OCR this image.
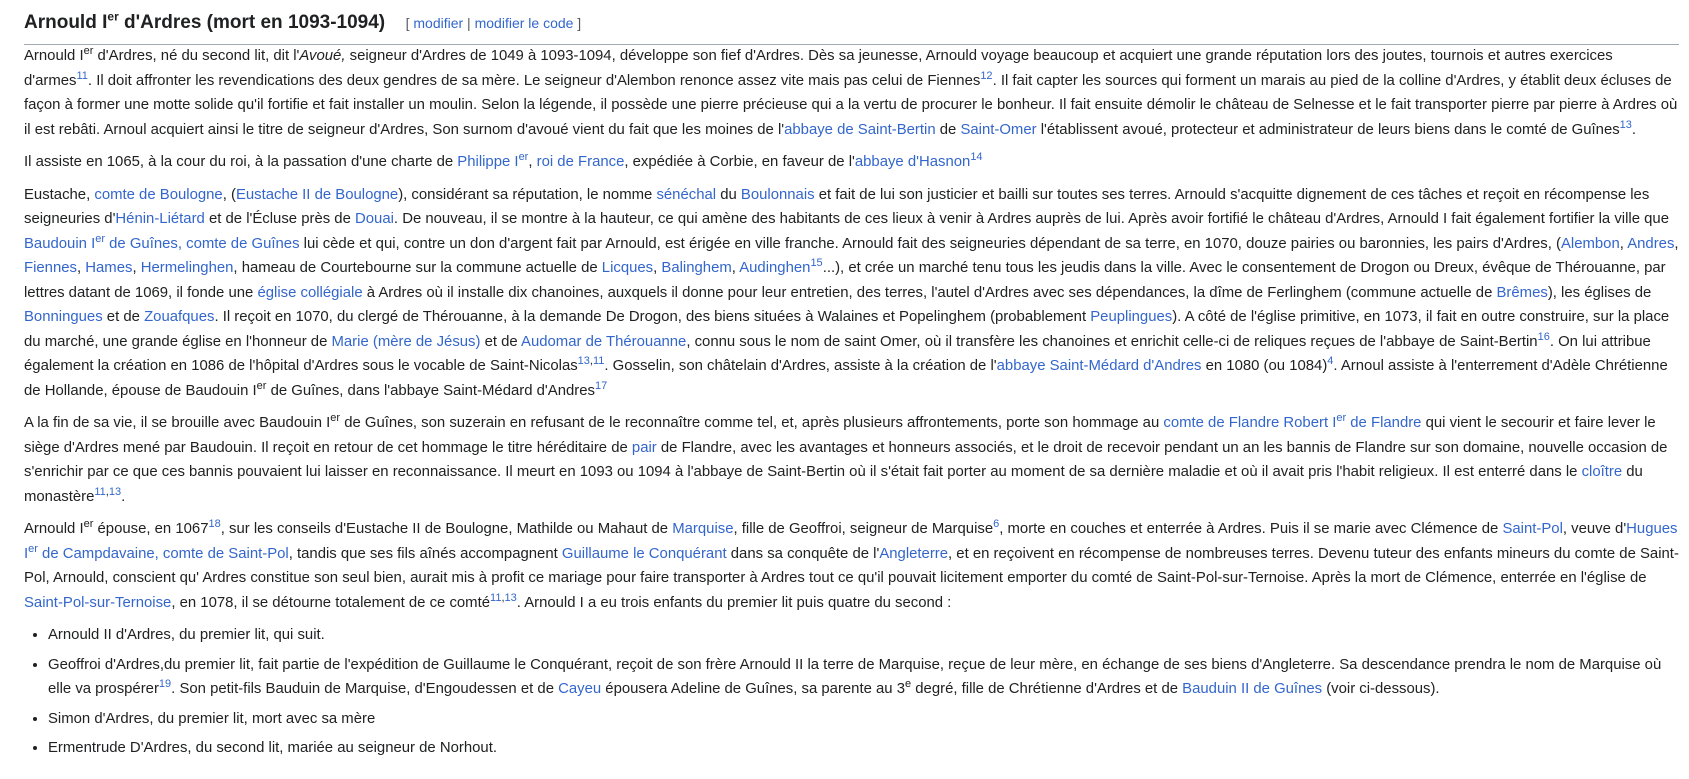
Arnould Ier d'Ardres (mort en 1093-1094) [ modifier | modifier le code ]

Arnould Ier d'Ardres, né du second lit, dit l'Avoué, seigneur d'Ardres de 1049 à 1093-1094, développe son fief d'Ardres. Dès sa jeunesse, Arnould voyage beaucoup et acquiert une grande réputation lors des joutes, tournois et autres exercices d'armes$^{11}$. Il doit affronter les revendications des deux gendres de sa mère. Le seigneur d'Alembon renonce assez vite mais pas celui de Fiennes$^{12}$. Il fait capter les sources qui forment un marais au pied de la colline d'Ardres, y établit deux écluses de façon à former une motte solide qu'il fortifie et fait installer un moulin. Selon la légende, il possède une pierre précieuse qui a la vertu de procurer le bonheur. Il fait ensuite démolir le château de Selnesse et le fait transporter pierre par pierre à Ardres où il est rebâti. Arnoul acquiert ainsi le titre de seigneur d'Ardres, Son surnom d'avoué vient du fait que les moines de l'abbaye de Saint-Bertin de Saint-Omer l'établissent avoué, protecteur et administrateur de leurs biens dans le comté de Guînes$^{13}$.

Il assiste en 1065, à la cour du roi, à la passation d'une charte de Philippe Ier, roi de France, expédiée à Corbie, en faveur de l'abbaye d'Hasnon$^{14}$

Eustache, comte de Boulogne, (Eustache II de Boulogne), considérant sa réputation, le nomme sénéchal du Boulonnais et fait de lui son justicier et bailli sur toutes ses terres. Arnould s'acquitte dignement de ces tâches et reçoit en récompense les seigneuries d'Hénin-Liétard et de l'Écluse près de Douai. De nouveau, il se montre à la hauteur, ce qui amène des habitants de ces lieux à venir à Ardres auprès de lui. Après avoir fortifié le château d'Ardres, Arnould I fait également fortifier la ville que Baudouin Ier de Guînes, comte de Guînes lui cède et qui, contre un don d'argent fait par Arnould, est érigée en ville franche. Arnould fait des seigneuries dépendant de sa terre, en 1070, douze pairies ou baronnies, les pairs d'Ardres, (Alembon, Andres, Fiennes, Hames, Hermelinghen, hameau de Courtebourne sur la commune actuelle de Licques, Balinghem, Audinghen$^{15}$...), et crée un marché tenu tous les jeudis dans la ville. Avec le consentement de Drogon ou Dreux, évêque de Thérouanne, par lettres datant de 1069, il fonde une église collégiale à Ardres où il installe dix chanoines, auxquels il donne pour leur entretien, des terres, l'autel d'Ardres avec ses dépendances, la dîme de Ferlinghem (commune actuelle de Brêmes), les églises de Bonningues et de Zouafques. Il reçoit en 1070, du clergé de Thérouanne, à la demande De Drogon, des biens situées à Walaines et Popelinghem (probablement Peuplingues). A côté de l'église primitive, en 1073, il fait en outre construire, sur la place du marché, une grande église en l'honneur de Marie (mère de Jésus) et de Audomar de Thérouanne, connu sous le nom de saint Omer, où il transfère les chanoines et enrichit celle-ci de reliques reçues de l'abbaye de Saint-Bertin$^{16}$. On lui attribue également la création en 1086 de l'hôpital d'Ardres sous le vocable de Saint-Nicolas$^{13,11}$. Gosselin, son châtelain d'Ardres, assiste à la création de l'abbaye Saint-Médard d'Andres en 1080 (ou 1084)$^4$. Arnoul assiste à l'enterrement d'Adèle Chrétienne de Hollande, épouse de Baudouin Ier de Guînes, dans l'abbaye Saint-Médard d'Andres$^{17}$

A la fin de sa vie, il se brouille avec Baudouin Ier de Guînes, son suzerain en refusant de le reconnaître comme tel, et, après plusieurs affrontements, porte son hommage au comte de Flandre Robert Ier de Flandre qui vient le secourir et faire lever le siège d'Ardres mené par Baudouin. Il reçoit en retour de cet hommage le titre héréditaire de pair de Flandre, avec les avantages et honneurs associés, et le droit de recevoir pendant un an les bannis de Flandre sur son domaine, nouvelle occasion de s'enrichir par ce que ces bannis pouvaient lui laisser en reconnaissance. Il meurt en 1093 ou 1094 à l'abbaye de Saint-Bertin où il s'était fait porter au moment de sa dernière maladie et où il avait pris l'habit religieux. Il est enterré dans le cloître du monastère$^{11,13}$.

Arnould Ier épouse, en 1067$^{18}$, sur les conseils d'Eustache II de Boulogne, Mathilde ou Mahaut de Marquise, fille de Geoffroi, seigneur de Marquise$^6$, morte en couches et enterrée à Ardres. Puis il se marie avec Clémence de Saint-Pol, veuve d'Hugues Ier de Campdavaine, comte de Saint-Pol, tandis que ses fils aînés accompagnent Guillaume le Conquérant dans sa conquête de l'Angleterre, et en reçoivent en récompense de nombreuses terres. Devenu tuteur des enfants mineurs du comte de Saint-Pol, Arnould, conscient qu' Ardres constitue son seul bien, aurait mis à profit ce mariage pour faire transporter à Ardres tout ce qu'il pouvait licitement emporter du comté de Saint-Pol-sur-Ternoise. Après la mort de Clémence, enterrée en l'église de Saint-Pol-sur-Ternoise, en 1078, il se détourne totalement de ce comté$^{11,13}$. Arnould I a eu trois enfants du premier lit puis quatre du second :

• Arnould II d'Ardres, du premier lit, qui suit.
• Geoffroi d'Ardres,du premier lit, fait partie de l'expédition de Guillaume le Conquérant, reçoit de son frère Arnould II la terre de Marquise, reçue de leur mère, en échange de ses biens d'Angleterre. Sa descendance prendra le nom de Marquise où elle va prospérer$^{19}$. Son petit-fils Bauduin de Marquise, d'Engoudessen et de Cayeu épousera Adeline de Guînes, sa parente au 3e degré, fille de Chrétienne d'Ardres et de Bauduin II de Guînes (voir ci-dessous).
• Simon d'Ardres, du premier lit, mort avec sa mère
• Ermentrude D'Ardres, du second lit, mariée au seigneur de Norhout.
